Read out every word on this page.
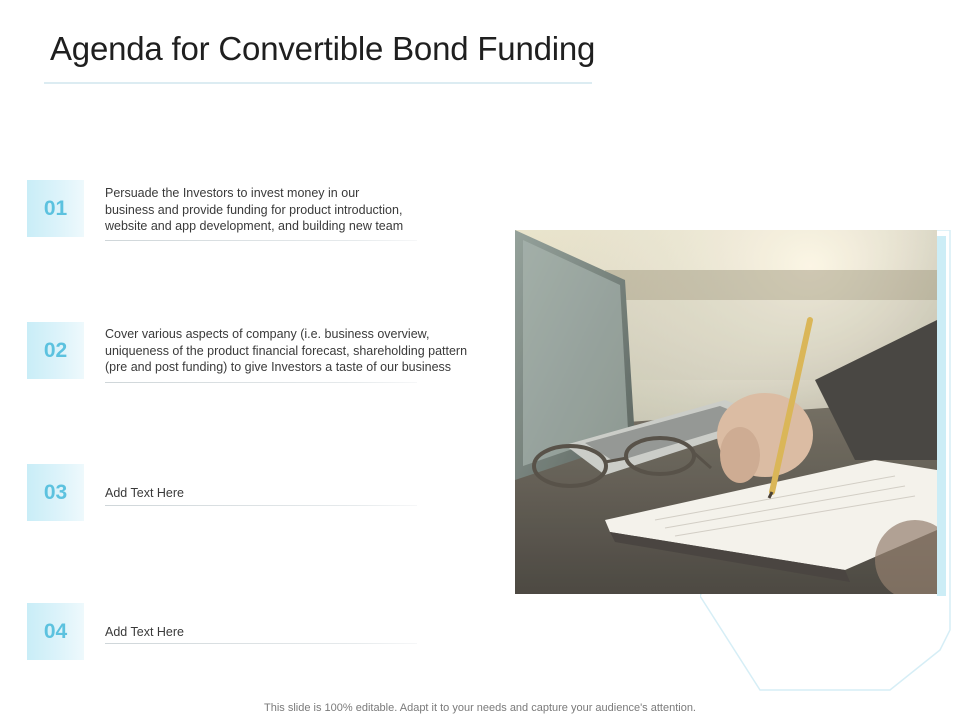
Agenda for Convertible Bond Funding
01
Persuade the Investors to invest money in our
business and provide funding for product introduction,
website and app development, and building new team
02
Cover various aspects of company (i.e. business overview,
uniqueness of the product financial forecast, shareholding pattern
(pre and post funding) to give Investors a taste of our business
03	Add Text Here
04	Add Text Here
This slide is 100% editable. Adapt it to your needs and capture your audience's attention.
